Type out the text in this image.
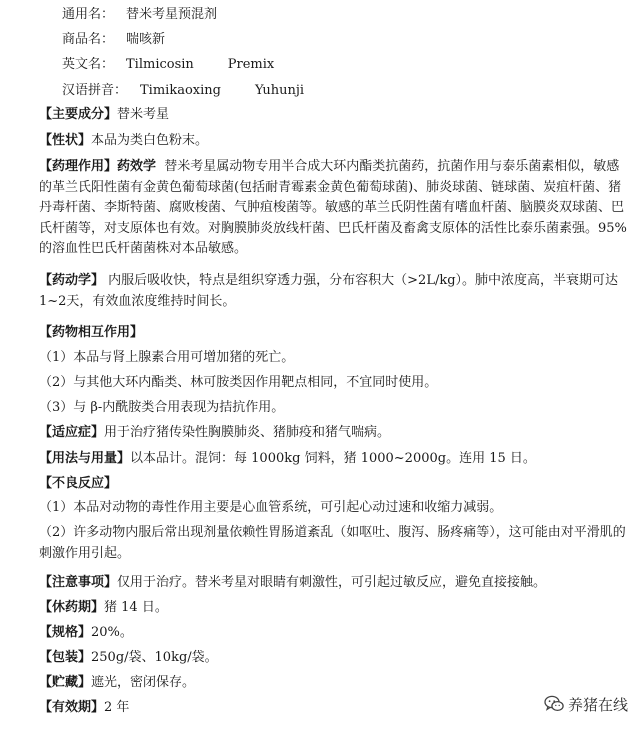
通用名： 替米考星预混剂
商品名： 喘咳新
英文名： Tilmicosin	Premix
汉语拼音： Timikaoxing	Yuhunji
【主要成分】替米考星
【性状】本品为类白色粉末。
【药理作用】药效学 替米考星属动物专用半合成大环内酯类抗菌药，抗菌作用与泰乐菌素相似，敏感的革兰氏阳性菌有金黄色葡萄球菌(包括耐青霉素金黄色葡萄球菌)、肺炎球菌、链球菌、炭疽杆菌、猪丹毒杆菌、李斯特菌、腐败梭菌、气肿疽梭菌等。敏感的革兰氏阴性菌有嗜血杆菌、脑膜炎双球菌、巴氏杆菌等，对支原体也有效。对胸膜肺炎放线杆菌、巴氏杆菌及畜禽支原体的活性比泰乐菌素强。95%的溶血性巴氏杆菌菌株对本品敏感。
【药动学】 内服后吸收快，特点是组织穿透力强，分布容积大（>2L/kg）。肺中浓度高，半衰期可达1~2天，有效血浓度维持时间长。
【药物相互作用】
（1）本品与肾上腺素合用可增加猪的死亡。
（2）与其他大环内酯类、林可胺类因作用靶点相同，不宜同时使用。
（3）与 β-内酰胺类合用表现为拮抗作用。
【适应症】用于治疗猪传染性胸膜肺炎、猪肺疫和猪气喘病。
【用法与用量】以本品计。混饲：每 1000kg 饲料，猪 1000~2000g。连用 15 日。
【不良反应】
（1）本品对动物的毒性作用主要是心血管系统，可引起心动过速和收缩力减弱。
（2）许多动物内服后常出现剂量依赖性胃肠道紊乱（如呕吐、腹泻、肠疼痛等），这可能由对平滑肌的刺激作用引起。
【注意事项】仅用于治疗。替米考星对眼睛有刺激性，可引起过敏反应，避免直接接触。
【休药期】猪 14 日。
【规格】20%。
【包装】250g/袋、10kg/袋。
【贮藏】遮光，密闭保存。
【有效期】2 年	养猪在线
